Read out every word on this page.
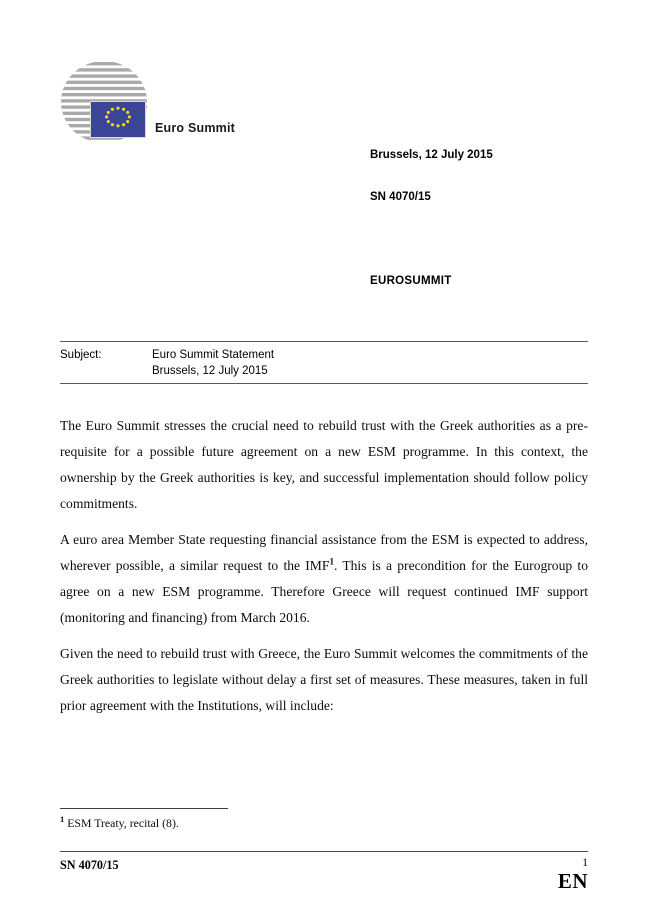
Euro Summit
Brussels, 12 July 2015
SN 4070/15
EUROSUMMIT
Subject:	Euro Summit Statement
Brussels, 12 July 2015

The Euro Summit stresses the crucial need to rebuild trust with the Greek authorities as a pre-requisite for a possible future agreement on a new ESM programme. In this context, the ownership by the Greek authorities is key, and successful implementation should follow policy commitments.

A euro area Member State requesting financial assistance from the ESM is expected to address, wherever possible, a similar request to the IMF$^1$. This is a precondition for the Eurogroup to agree on a new ESM programme. Therefore Greece will request continued IMF support (monitoring and financing) from March 2016.

Given the need to rebuild trust with Greece, the Euro Summit welcomes the commitments of the Greek authorities to legislate without delay a first set of measures. These measures, taken in full prior agreement with the Institutions, will include:

$^1$ ESM Treaty, recital (8).
SN 4070/15	1
EN
